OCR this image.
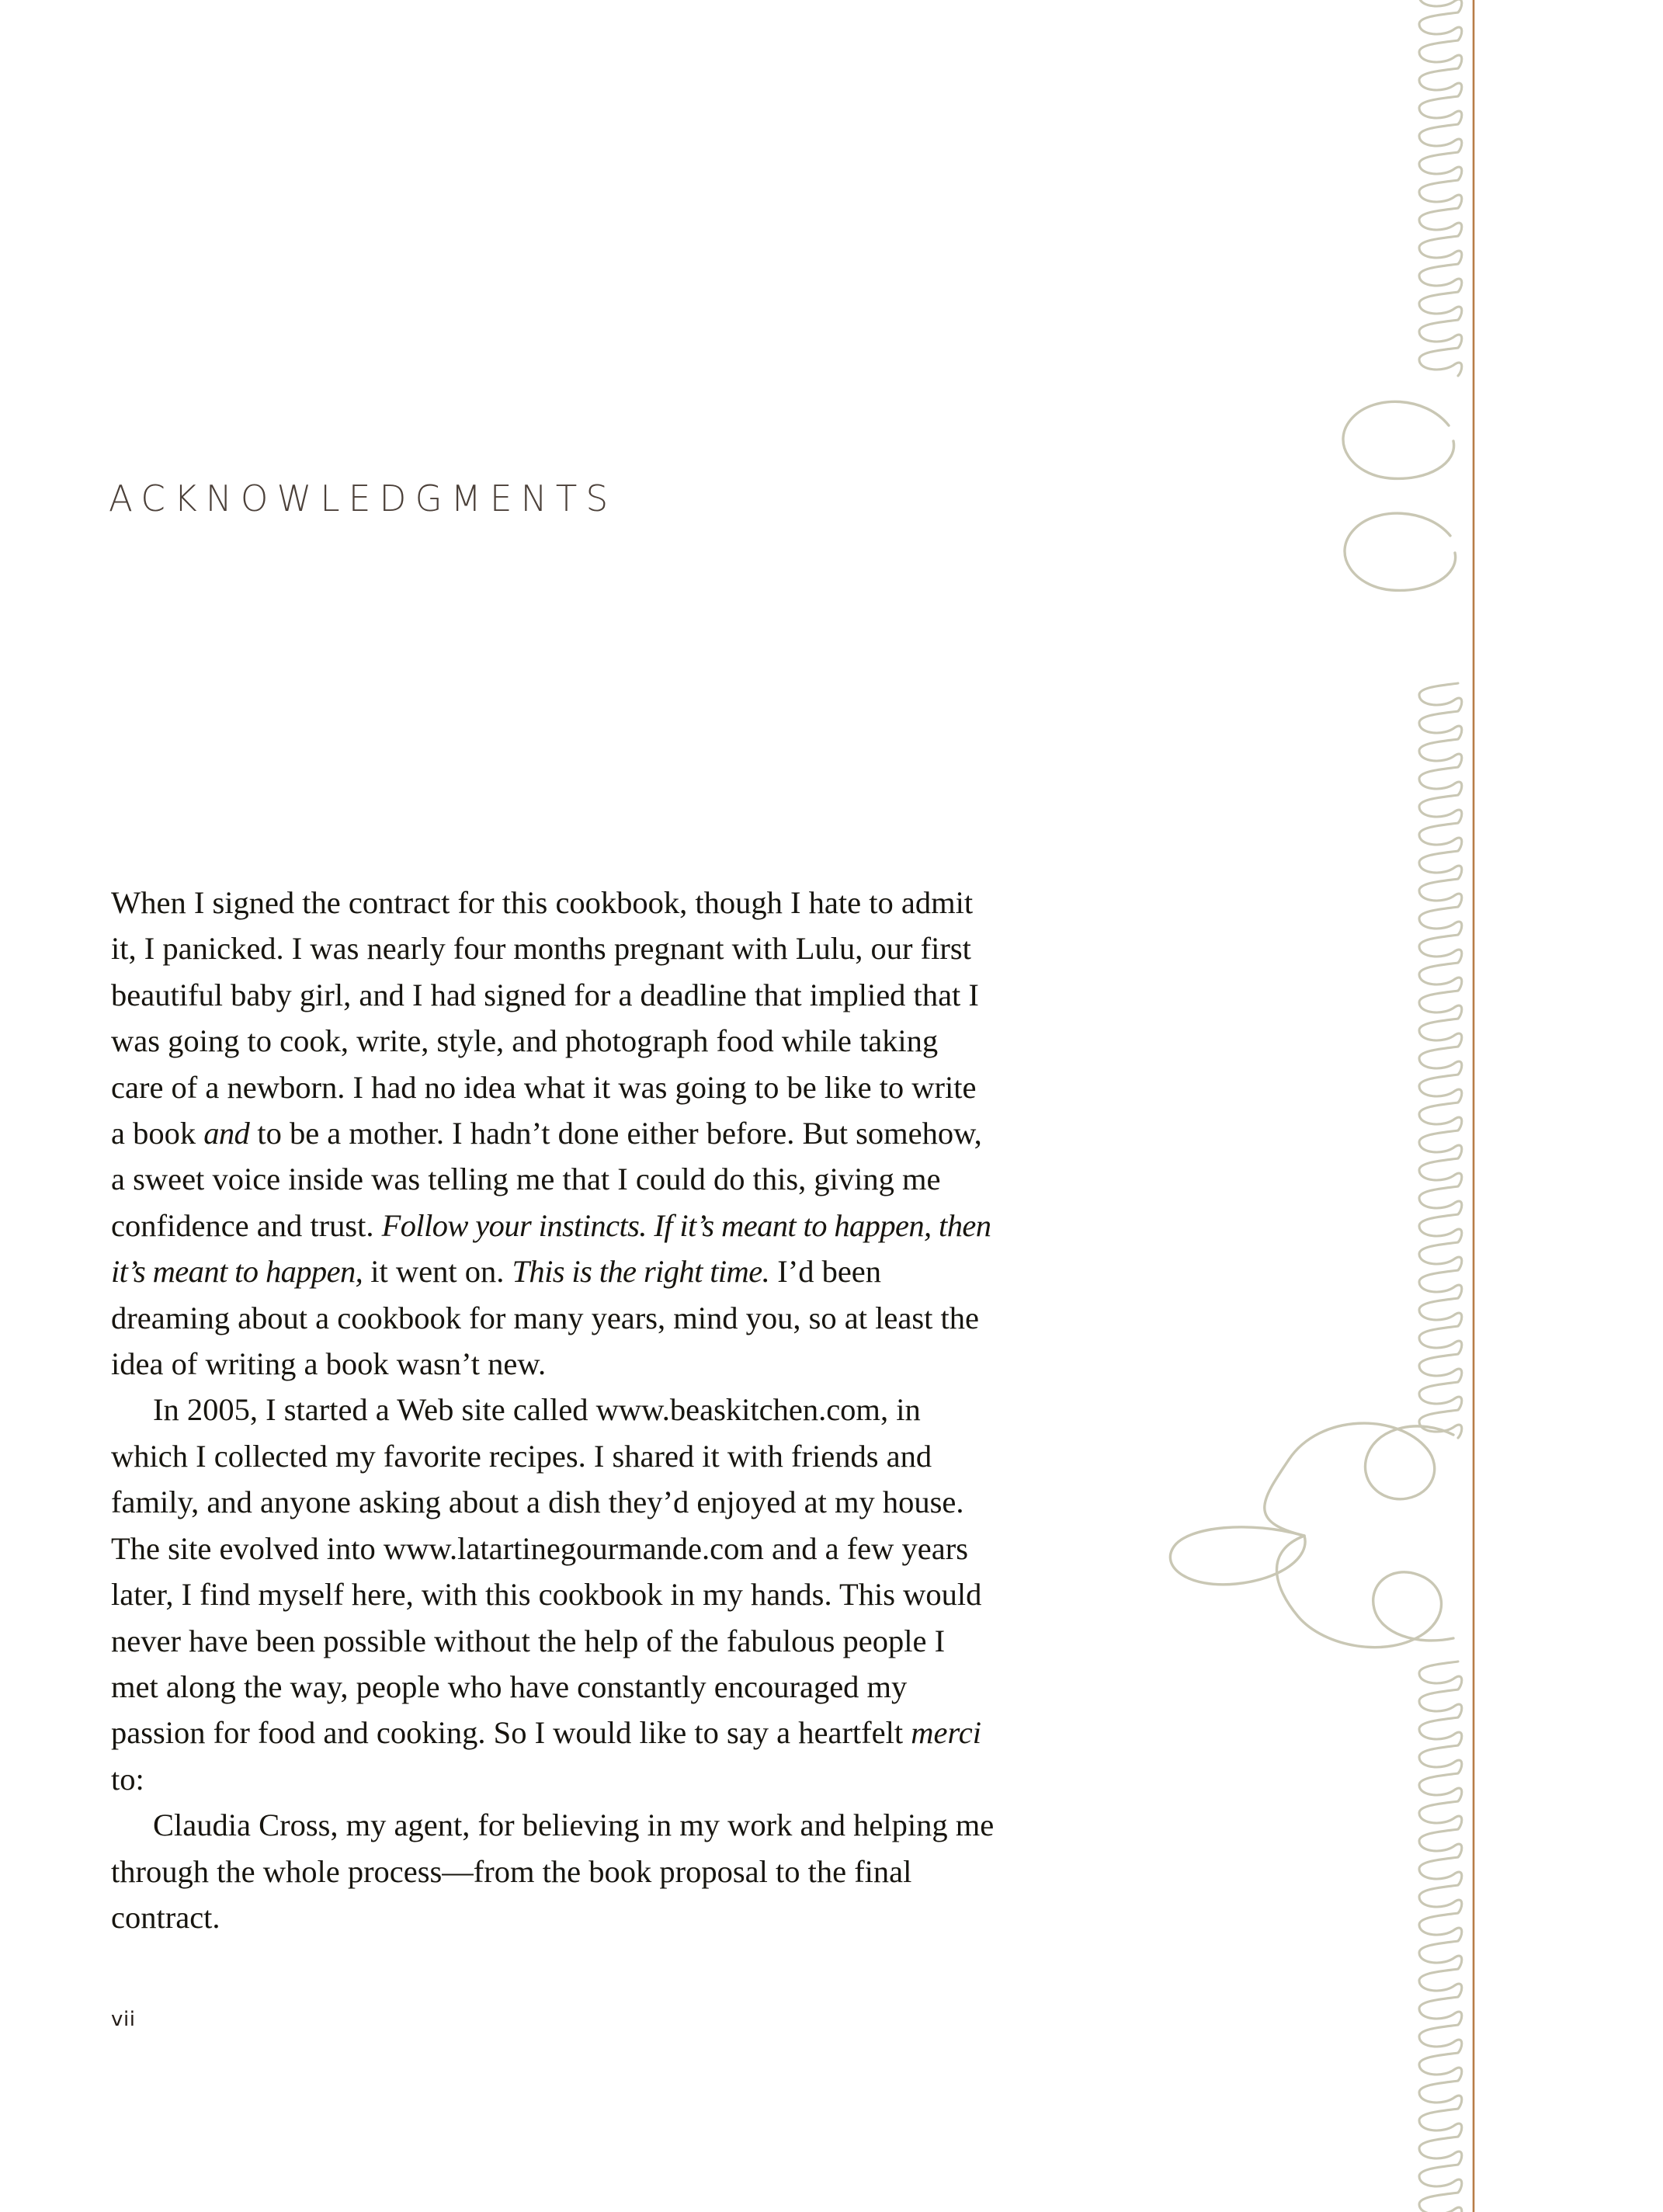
ACKNOWLEDGMENTS

When I signed the contract for this cookbook, though I hate to admit it, I panicked. I was nearly four months pregnant with Lulu, our first beautiful baby girl, and I had signed for a deadline that implied that I was going to cook, write, style, and photograph food while taking care of a newborn. I had no idea what it was going to be like to write a book and to be a mother. I hadn’t done either before. But somehow, a sweet voice inside was telling me that I could do this, giving me confidence and trust. Follow your instincts. If it’s meant to happen, then it’s meant to happen, it went on. This is the right time. I’d been dreaming about a cookbook for many years, mind you, so at least the idea of writing a book wasn’t new.

In 2005, I started a Web site called www.beaskitchen.com, in which I collected my favorite recipes. I shared it with friends and family, and anyone asking about a dish they’d enjoyed at my house. The site evolved into www.latartinegourmande.com and a few years later, I find myself here, with this cookbook in my hands. This would never have been possible without the help of the fabulous people I met along the way, people who have constantly encouraged my passion for food and cooking. So I would like to say a heartfelt merci to:

Claudia Cross, my agent, for believing in my work and helping me through the whole process—from the book proposal to the final contract.

vii
